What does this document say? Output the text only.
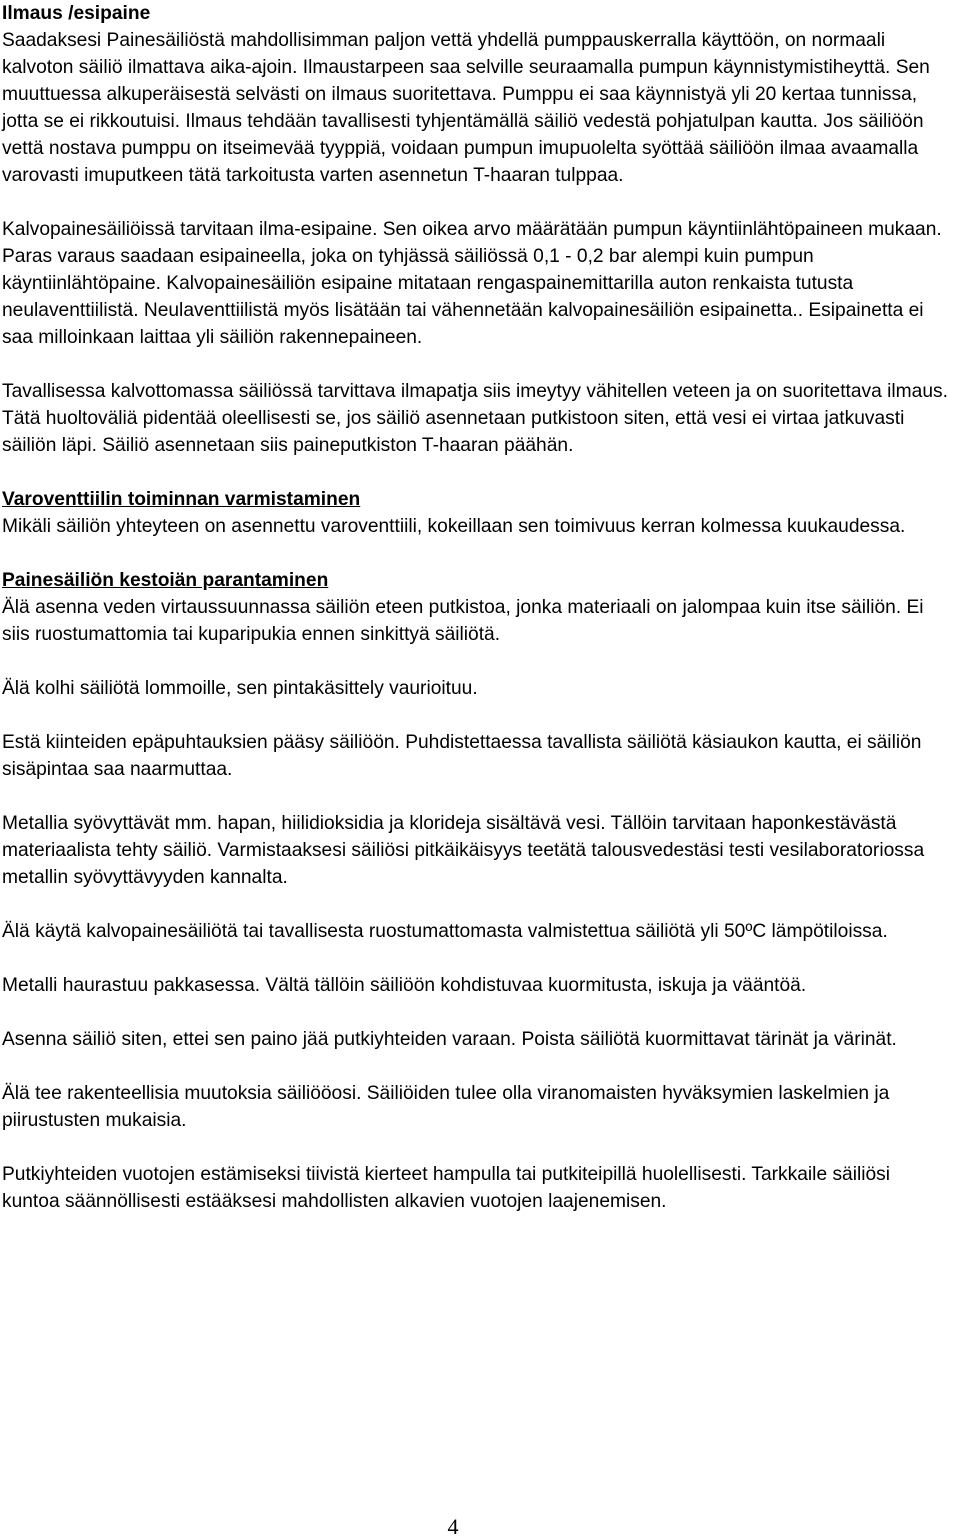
Ilmaus /esipaine

Saadaksesi Painesäiliöstä mahdollisimman paljon vettä yhdellä pumppauskerralla käyttöön, on normaali kalvoton säiliö ilmattava aika-ajoin. Ilmaustarpeen saa selville seuraamalla pumpun käynnistymistiheyttä. Sen muuttuessa alkuperäisestä selvästi on ilmaus suoritettava. Pumppu ei saa käynnistyä yli 20 kertaa tunnissa, jotta se ei rikkoutuisi. Ilmaus tehdään tavallisesti tyhjentämällä säiliö vedestä pohjatulpan kautta. Jos säiliöön vettä nostava pumppu on itseimevää tyyppiä, voidaan pumpun imupuolelta syöttää säiliöön ilmaa avaamalla varovasti imuputkeen tätä tarkoitusta varten asennetun T-haaran tulppaa.

Kalvopainesäiliöissä tarvitaan ilma-esipaine. Sen oikea arvo määrätään pumpun käyntiinlähtöpaineen mukaan. Paras varaus saadaan esipaineella, joka on tyhjässä säiliössä 0,1 - 0,2 bar alempi kuin pumpun käyntiinlähtöpaine. Kalvopainesäiliön esipaine mitataan rengaspainemittarilla auton renkaista tutusta neulaventtiilistä. Neulaventtiilistä myös lisätään tai vähennetään kalvopainesäiliön esipainetta.. Esipainetta ei saa milloinkaan laittaa yli säiliön rakennepaineen.

Tavallisessa kalvottomassa säiliössä tarvittava ilmapatja siis imeytyy vähitellen veteen ja on suoritettava ilmaus. Tätä huoltoväliä pidentää oleellisesti se, jos säiliö asennetaan putkistoon siten, että vesi ei virtaa jatkuvasti säiliön läpi. Säiliö asennetaan siis paineputkiston T-haaran päähän.

Varoventtiilin toiminnan varmistaminen

Mikäli säiliön yhteyteen on asennettu varoventtiili, kokeillaan sen toimivuus kerran kolmessa kuukaudessa.

Painesäiliön kestoiän parantaminen

Älä asenna veden virtaussuunnassa säiliön eteen putkistoa, jonka materiaali on jalompaa kuin itse säiliön. Ei siis ruostumattomia tai kuparipukia ennen sinkittyä säiliötä.

Älä kolhi säiliötä lommoille, sen pintakäsittely vaurioituu.

Estä kiinteiden epäpuhtauksien pääsy säiliöön. Puhdistettaessa tavallista säiliötä käsiaukon kautta, ei säiliön sisäpintaa saa naarmuttaa.

Metallia syövyttävät mm. hapan, hiilidioksidia ja klorideja sisältävä vesi. Tällöin tarvitaan haponkestävästä materiaalista tehty säiliö. Varmistaaksesi säiliösi pitkäikäisyys teetätä talousvedestäsi testi vesilaboratoriossa metallin syövyttävyyden kannalta.

Älä käytä kalvopainesäiliötä tai tavallisesta ruostumattomasta valmistettua säiliötä yli 50ºC lämpötiloissa.

Metalli haurastuu pakkasessa. Vältä tällöin säiliöön kohdistuvaa kuormitusta, iskuja ja vääntöä.

Asenna säiliö siten, ettei sen paino jää putkiyhteiden varaan. Poista säiliötä kuormittavat tärinät ja värinät.

Älä tee rakenteellisia muutoksia säiliööosi. Säiliöiden tulee olla viranomaisten hyväksymien laskelmien ja piirustusten mukaisia.

Putkiyhteiden vuotojen estämiseksi tiivistä kierteet hampulla tai putkiteipillä huolellisesti. Tarkkaile säiliösi kuntoa säännöllisesti estääksesi mahdollisten alkavien vuotojen laajenemisen.

4
